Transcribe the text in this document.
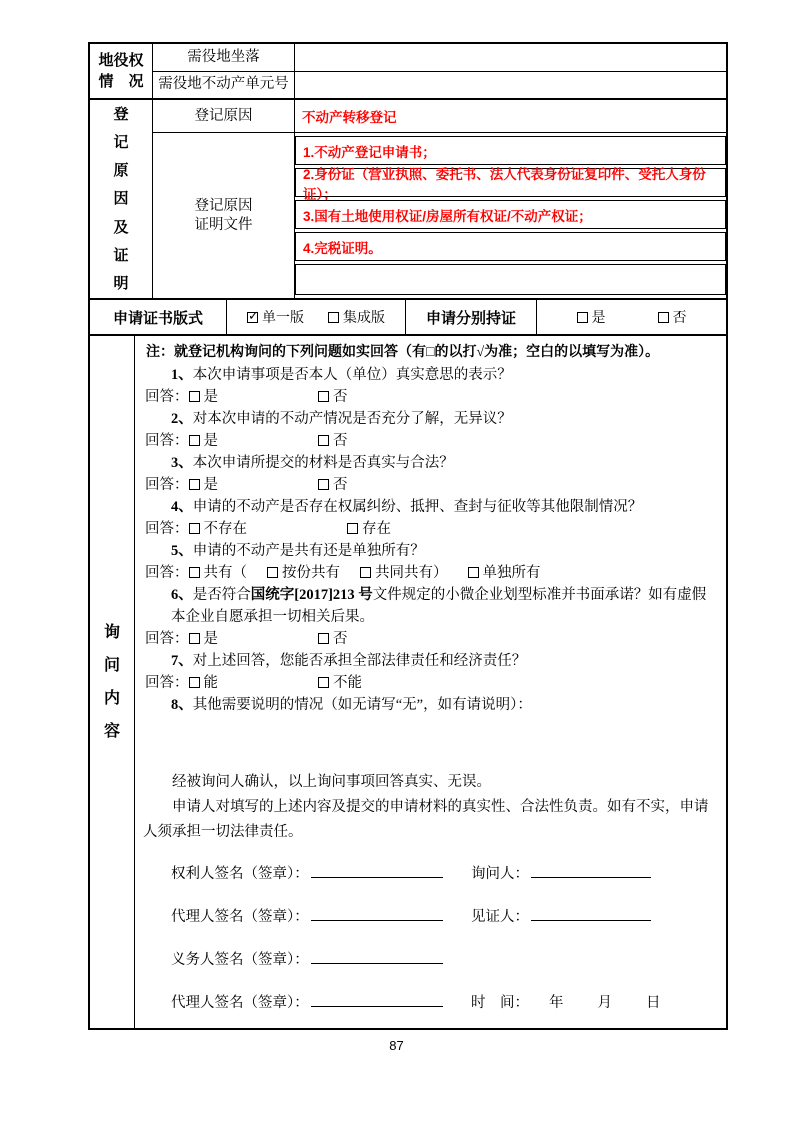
地役权
情　况
需役地坐落
需役地不动产单元号
登
记
原
因
及
证
明
登记原因	不动产转移登记
登记原因
证明文件
1.不动产登记申请书；
2.身份证（营业执照、委托书、法人代表身份证复印件、受托人身份证）；
3.国有土地使用权证/房屋所有权证/不动产权证；
4.完税证明。
申请证书版式 ✓	单一版	集成版	申请分别持证	是	否
询
问
内
容
注：就登记机构询问的下列问题如实回答（有□的以打√为准；空白的以填写为准）。
1、本次申请事项是否本人（单位）真实意思的表示？
回答： 是	否
2、对本次申请的不动产情况是否充分了解，无异议？
回答： 是	否
3、本次申请所提交的材料是否真实与合法？
回答： 是	否
4、申请的不动产是否存在权属纠纷、抵押、查封与征收等其他限制情况？
回答： 不存在	存在
5、申请的不动产是共有还是单独所有？
回答： 共有（ 按份共有 共同共有） 单独所有
6、是否符合国统字[2017]213 号文件规定的小微企业划型标准并书面承诺？如有虚假本企业自愿承担一切相关后果。
回答： 是	否
7、对上述回答，您能否承担全部法律责任和经济责任？
回答： 能	不能
8、其他需要说明的情况（如无请写“无”，如有请说明）：
经被询问人确认，以上询问事项回答真实、无误。
申请人对填写的上述内容及提交的申请材料的真实性、合法性负责。如有不实，申请人须承担一切法律责任。
权利人签名（签章）：	询问人：
代理人签名（签章）：	见证人：
义务人签名（签章）：
代理人签名（签章）：	时　间： 年 月 日
87
